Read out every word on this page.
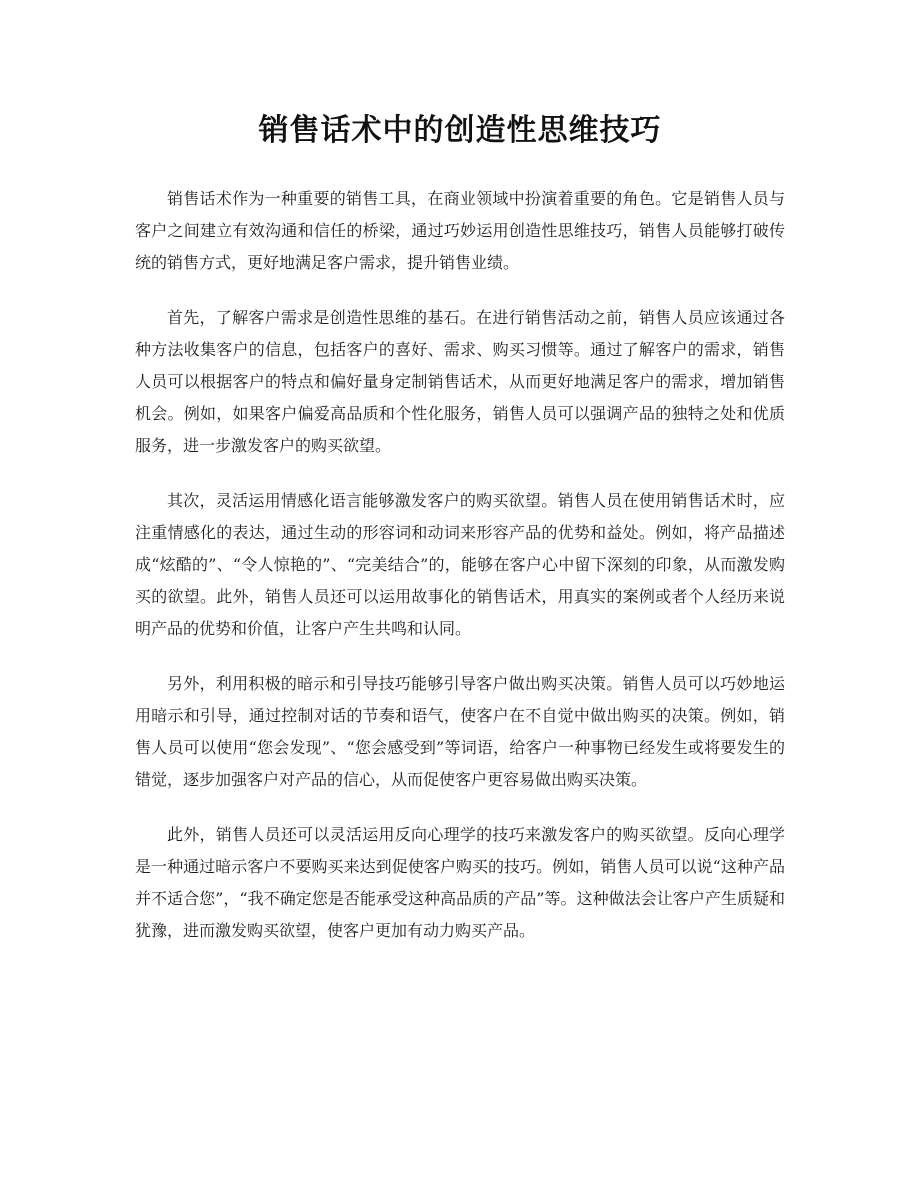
销售话术中的创造性思维技巧

销售话术作为一种重要的销售工具，在商业领域中扮演着重要的角色。它是销售人员与客户之间建立有效沟通和信任的桥梁，通过巧妙运用创造性思维技巧，销售人员能够打破传统的销售方式，更好地满足客户需求，提升销售业绩。

首先，了解客户需求是创造性思维的基石。在进行销售活动之前，销售人员应该通过各种方法收集客户的信息，包括客户的喜好、需求、购买习惯等。通过了解客户的需求，销售人员可以根据客户的特点和偏好量身定制销售话术，从而更好地满足客户的需求，增加销售机会。例如，如果客户偏爱高品质和个性化服务，销售人员可以强调产品的独特之处和优质服务，进一步激发客户的购买欲望。

其次，灵活运用情感化语言能够激发客户的购买欲望。销售人员在使用销售话术时，应注重情感化的表达，通过生动的形容词和动词来形容产品的优势和益处。例如，将产品描述成“炫酷的”、“令人惊艳的”、“完美结合”的，能够在客户心中留下深刻的印象，从而激发购买的欲望。此外，销售人员还可以运用故事化的销售话术，用真实的案例或者个人经历来说明产品的优势和价值，让客户产生共鸣和认同。

另外，利用积极的暗示和引导技巧能够引导客户做出购买决策。销售人员可以巧妙地运用暗示和引导，通过控制对话的节奏和语气，使客户在不自觉中做出购买的决策。例如，销售人员可以使用“您会发现”、“您会感受到”等词语，给客户一种事物已经发生或将要发生的错觉，逐步加强客户对产品的信心，从而促使客户更容易做出购买决策。

此外，销售人员还可以灵活运用反向心理学的技巧来激发客户的购买欲望。反向心理学是一种通过暗示客户不要购买来达到促使客户购买的技巧。例如，销售人员可以说“这种产品并不适合您”，“我不确定您是否能承受这种高品质的产品”等。这种做法会让客户产生质疑和犹豫，进而激发购买欲望，使客户更加有动力购买产品。
